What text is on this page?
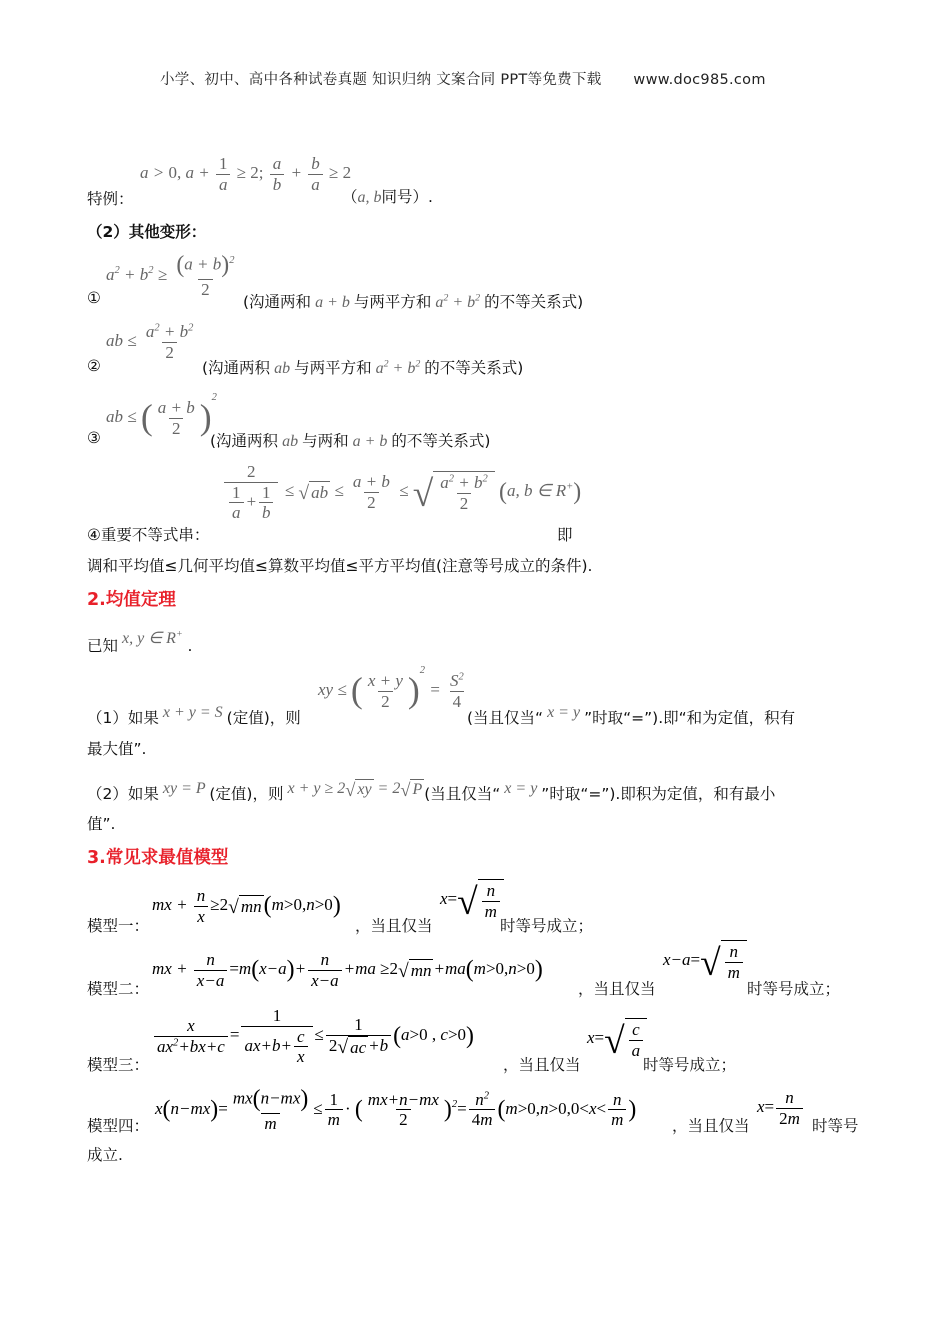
小学、初中、高中各种试卷真题 知识归纳 文案合同 PPT等免费下载 www.doc985.com
特例：
a > 0, $a + \frac{1}{a} \ge 2$; $\frac{a}{b} + \frac{b}{a} \ge 2$
（a, b同号）.
（2）其他变形：
①
$a^2 + b^2 \ge \frac{(a + b)^2}{2}$
(沟通两和 a + b 与两平方和 $a^2 + b^2$ 的不等关系式)
②
ab ≤ $\frac{a^2 + b^2}{2}$
(沟通两积 ab 与两平方和 $a^2 + b^2$ 的不等关系式)
③
ab ≤ ( $\frac{a + b}{2} )^2$
(沟通两积 ab 与两和 a + b 的不等关系式)
$\frac{2}{\frac{1}{a} + \frac{1}{b}}$ ≤ √ ab ≤ $\frac{a + b}{2}$ ≤ √ $\frac{a^2 + b^2}{2} (a$, b ∈ R+)
④重要不等式串：	即
调和平均值≤几何平均值≤算数平均值≤平方平均值(注意等号成立的条件).
2.均值定理
已知 x, y ∈ R+ .
xy ≤ ( $\frac{x + y}{2} )^2 = \frac{S^2}{4}$
（1）如果 x + y = S (定值)，则	(当且仅当“ x = y ”时取“=”).即“和为定值，积有
最大值”.
（2）如果 xy = P (定值)，则 x + y ≥ 2 √ xy = 2 √ P (当且仅当“ x = y ”时取“=”).即积为定值，和有最小
值”.
3.常见求最值模型
模型一：
mx + $\frac{n}{x} \ge 2$ √ mn (m>0,n>0)
，当且仅当
x= √ $\frac{n}{m}$
时等号成立；
模型二：
mx + $\frac{n}{x-a} =m(x-a)+ \frac{n}{x-a} +ma \ge 2$ √ mn +ma(m>0,n>0)
，当且仅当
x−a= √ $\frac{n}{m}$
时等号成立；
$\frac{x}{ax^2+bx+c} = \frac{1}{ax+b+ \frac{c}{x}} \le \frac{1}{2 √ ac +b} (a>0$ , c>0)
模型三：	，当且仅当
x= √ $\frac{c}{a}$
时等号成立；
模型四：
$x(n-mx)= \frac{mx(n-mx)}{m} \le \frac{1}{m}$ · ( $\frac{mx+n-mx}{2} )^2= \frac{n^2}{4m} (m>0,n>0,0<x< \frac{n}{m}$ )
，当且仅当
$x= \frac{n}{2m}$ 时等号
成立.
